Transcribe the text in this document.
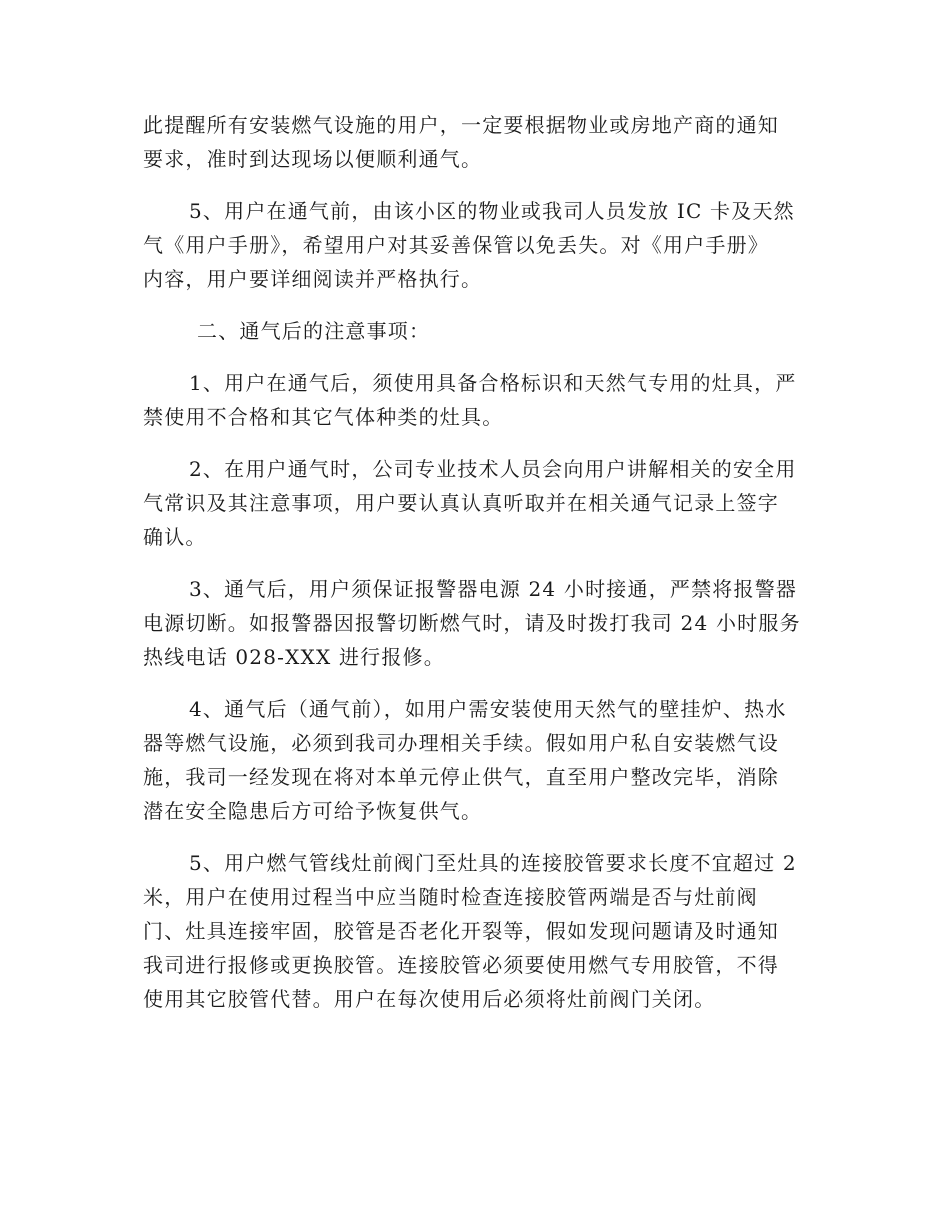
此提醒所有安装燃气设施的用户，一定要根据物业或房地产商的通知
要求，准时到达现场以便顺利通气。
5、用户在通气前，由该小区的物业或我司人员发放 IC 卡及天然
气《用户手册》，希望用户对其妥善保管以免丢失。对《用户手册》
内容，用户要详细阅读并严格执行。
二、通气后的注意事项：
1、用户在通气后，须使用具备合格标识和天然气专用的灶具，严
禁使用不合格和其它气体种类的灶具。
2、在用户通气时，公司专业技术人员会向用户讲解相关的安全用
气常识及其注意事项，用户要认真认真听取并在相关通气记录上签字
确认。
3、通气后，用户须保证报警器电源 24 小时接通，严禁将报警器
电源切断。如报警器因报警切断燃气时，请及时拨打我司 24 小时服务
热线电话 028-XXX 进行报修。
4、通气后（通气前），如用户需安装使用天然气的壁挂炉、热水
器等燃气设施，必须到我司办理相关手续。假如用户私自安装燃气设
施，我司一经发现在将对本单元停止供气，直至用户整改完毕，消除
潜在安全隐患后方可给予恢复供气。
5、用户燃气管线灶前阀门至灶具的连接胶管要求长度不宜超过 2
米，用户在使用过程当中应当随时检查连接胶管两端是否与灶前阀
门、灶具连接牢固，胶管是否老化开裂等，假如发现问题请及时通知
我司进行报修或更换胶管。连接胶管必须要使用燃气专用胶管，不得
使用其它胶管代替。用户在每次使用后必须将灶前阀门关闭。
